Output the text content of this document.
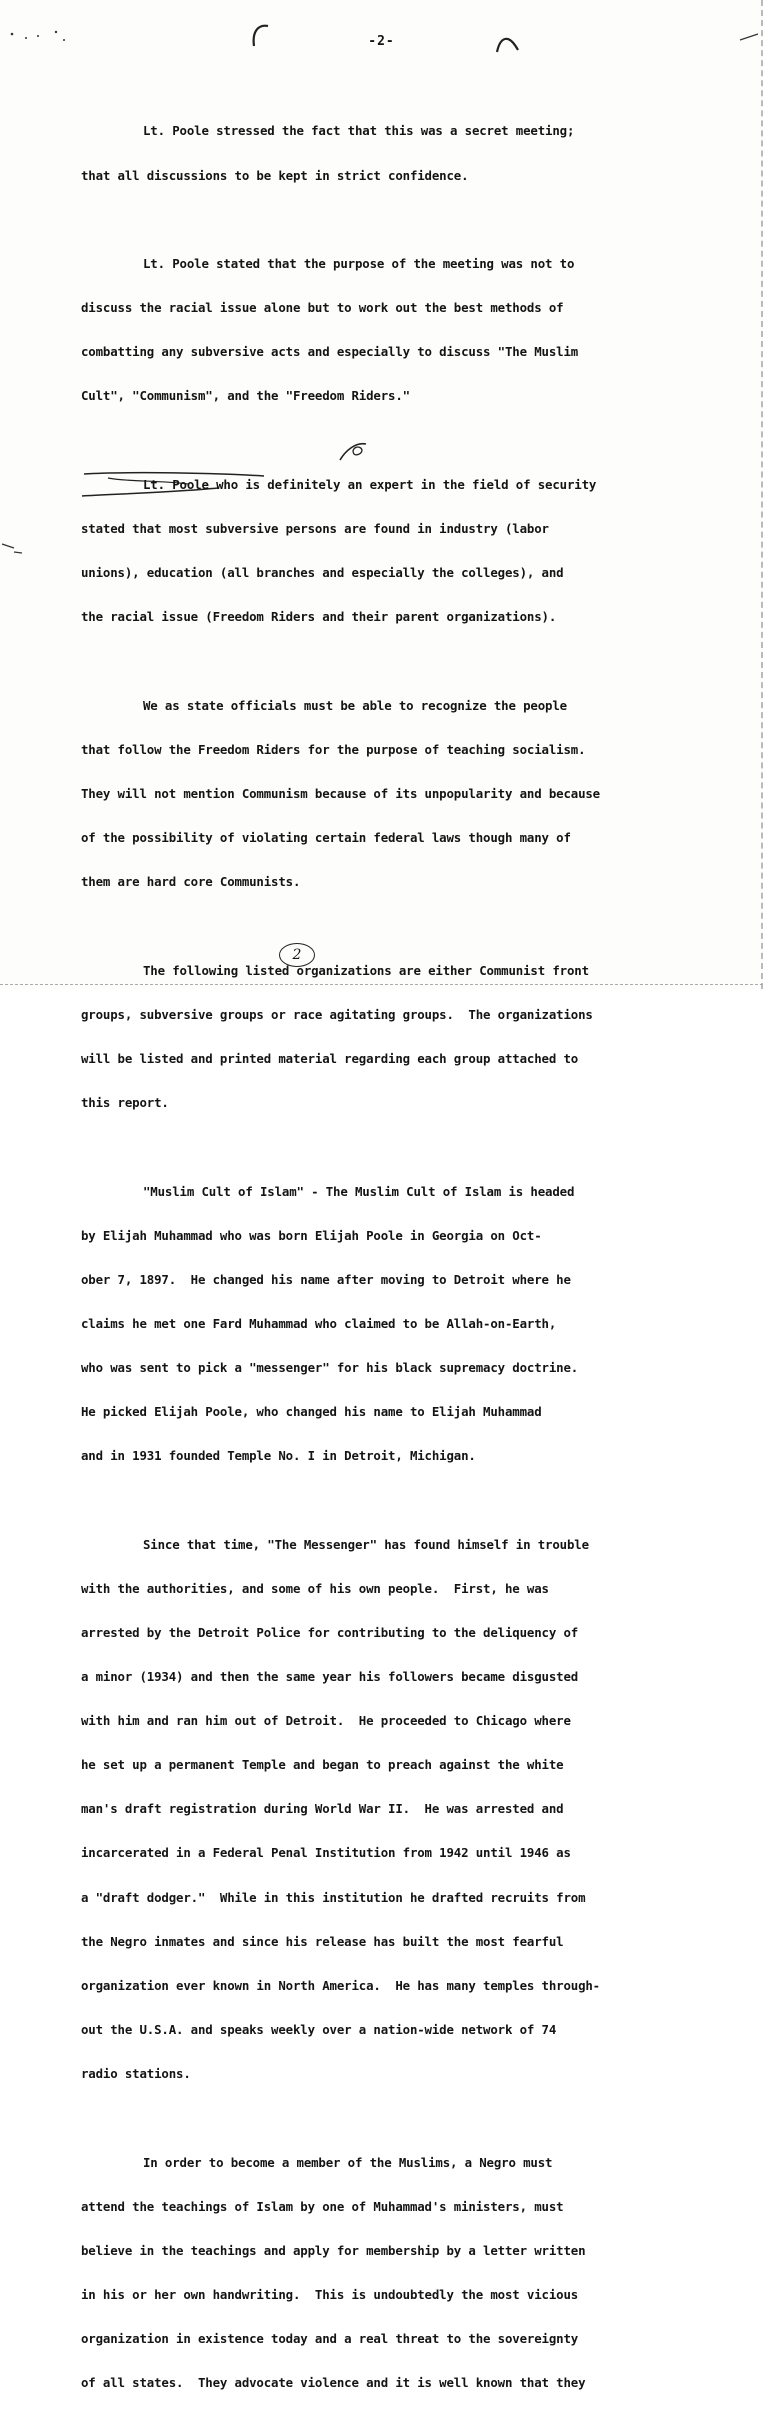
-2-

Lt. Poole stressed the fact that this was a secret meeting;

that all discussions to be kept in strict confidence.

Lt. Poole stated that the purpose of the meeting was not to

discuss the racial issue alone but to work out the best methods of

combatting any subversive acts and especially to discuss "The Muslim

Cult", "Communism", and the "Freedom Riders."

Lt. Poole who is definitely an expert in the field of security

stated that most subversive persons are found in industry (labor

unions), education (all branches and especially the colleges), and

the racial issue (Freedom Riders and their parent organizations).

We as state officials must be able to recognize the people

that follow the Freedom Riders for the purpose of teaching socialism.

They will not mention Communism because of its unpopularity and because

of the possibility of violating certain federal laws though many of

them are hard core Communists.

The following listed organizations are either Communist front

groups, subversive groups or race agitating groups.  The organizations

will be listed and printed material regarding each group attached to

this report.

"Muslim Cult of Islam" - The Muslim Cult of Islam is headed

by Elijah Muhammad who was born Elijah Poole in Georgia on Oct-

ober 7, 1897.  He changed his name after moving to Detroit where he

claims he met one Fard Muhammad who claimed to be Allah-on-Earth,

who was sent to pick a "messenger" for his black supremacy doctrine.

He picked Elijah Poole, who changed his name to Elijah Muhammad

and in 1931 founded Temple No. I in Detroit, Michigan.

Since that time, "The Messenger" has found himself in trouble

with the authorities, and some of his own people.  First, he was

arrested by the Detroit Police for contributing to the deliquency of

a minor (1934) and then the same year his followers became disgusted

with him and ran him out of Detroit.  He proceeded to Chicago where

he set up a permanent Temple and began to preach against the white

man's draft registration during World War II.  He was arrested and

incarcerated in a Federal Penal Institution from 1942 until 1946 as

a "draft dodger."  While in this institution he drafted recruits from

the Negro inmates and since his release has built the most fearful

organization ever known in North America.  He has many temples through-

out the U.S.A. and speaks weekly over a nation-wide network of 74

radio stations.

In order to become a member of the Muslims, a Negro must

attend the teachings of Islam by one of Muhammad's ministers, must

believe in the teachings and apply for membership by a letter written

in his or her own handwriting.  This is undoubtedly the most vicious

organization in existence today and a real threat to the sovereignty

of all states.  They advocate violence and it is well known that they

2
